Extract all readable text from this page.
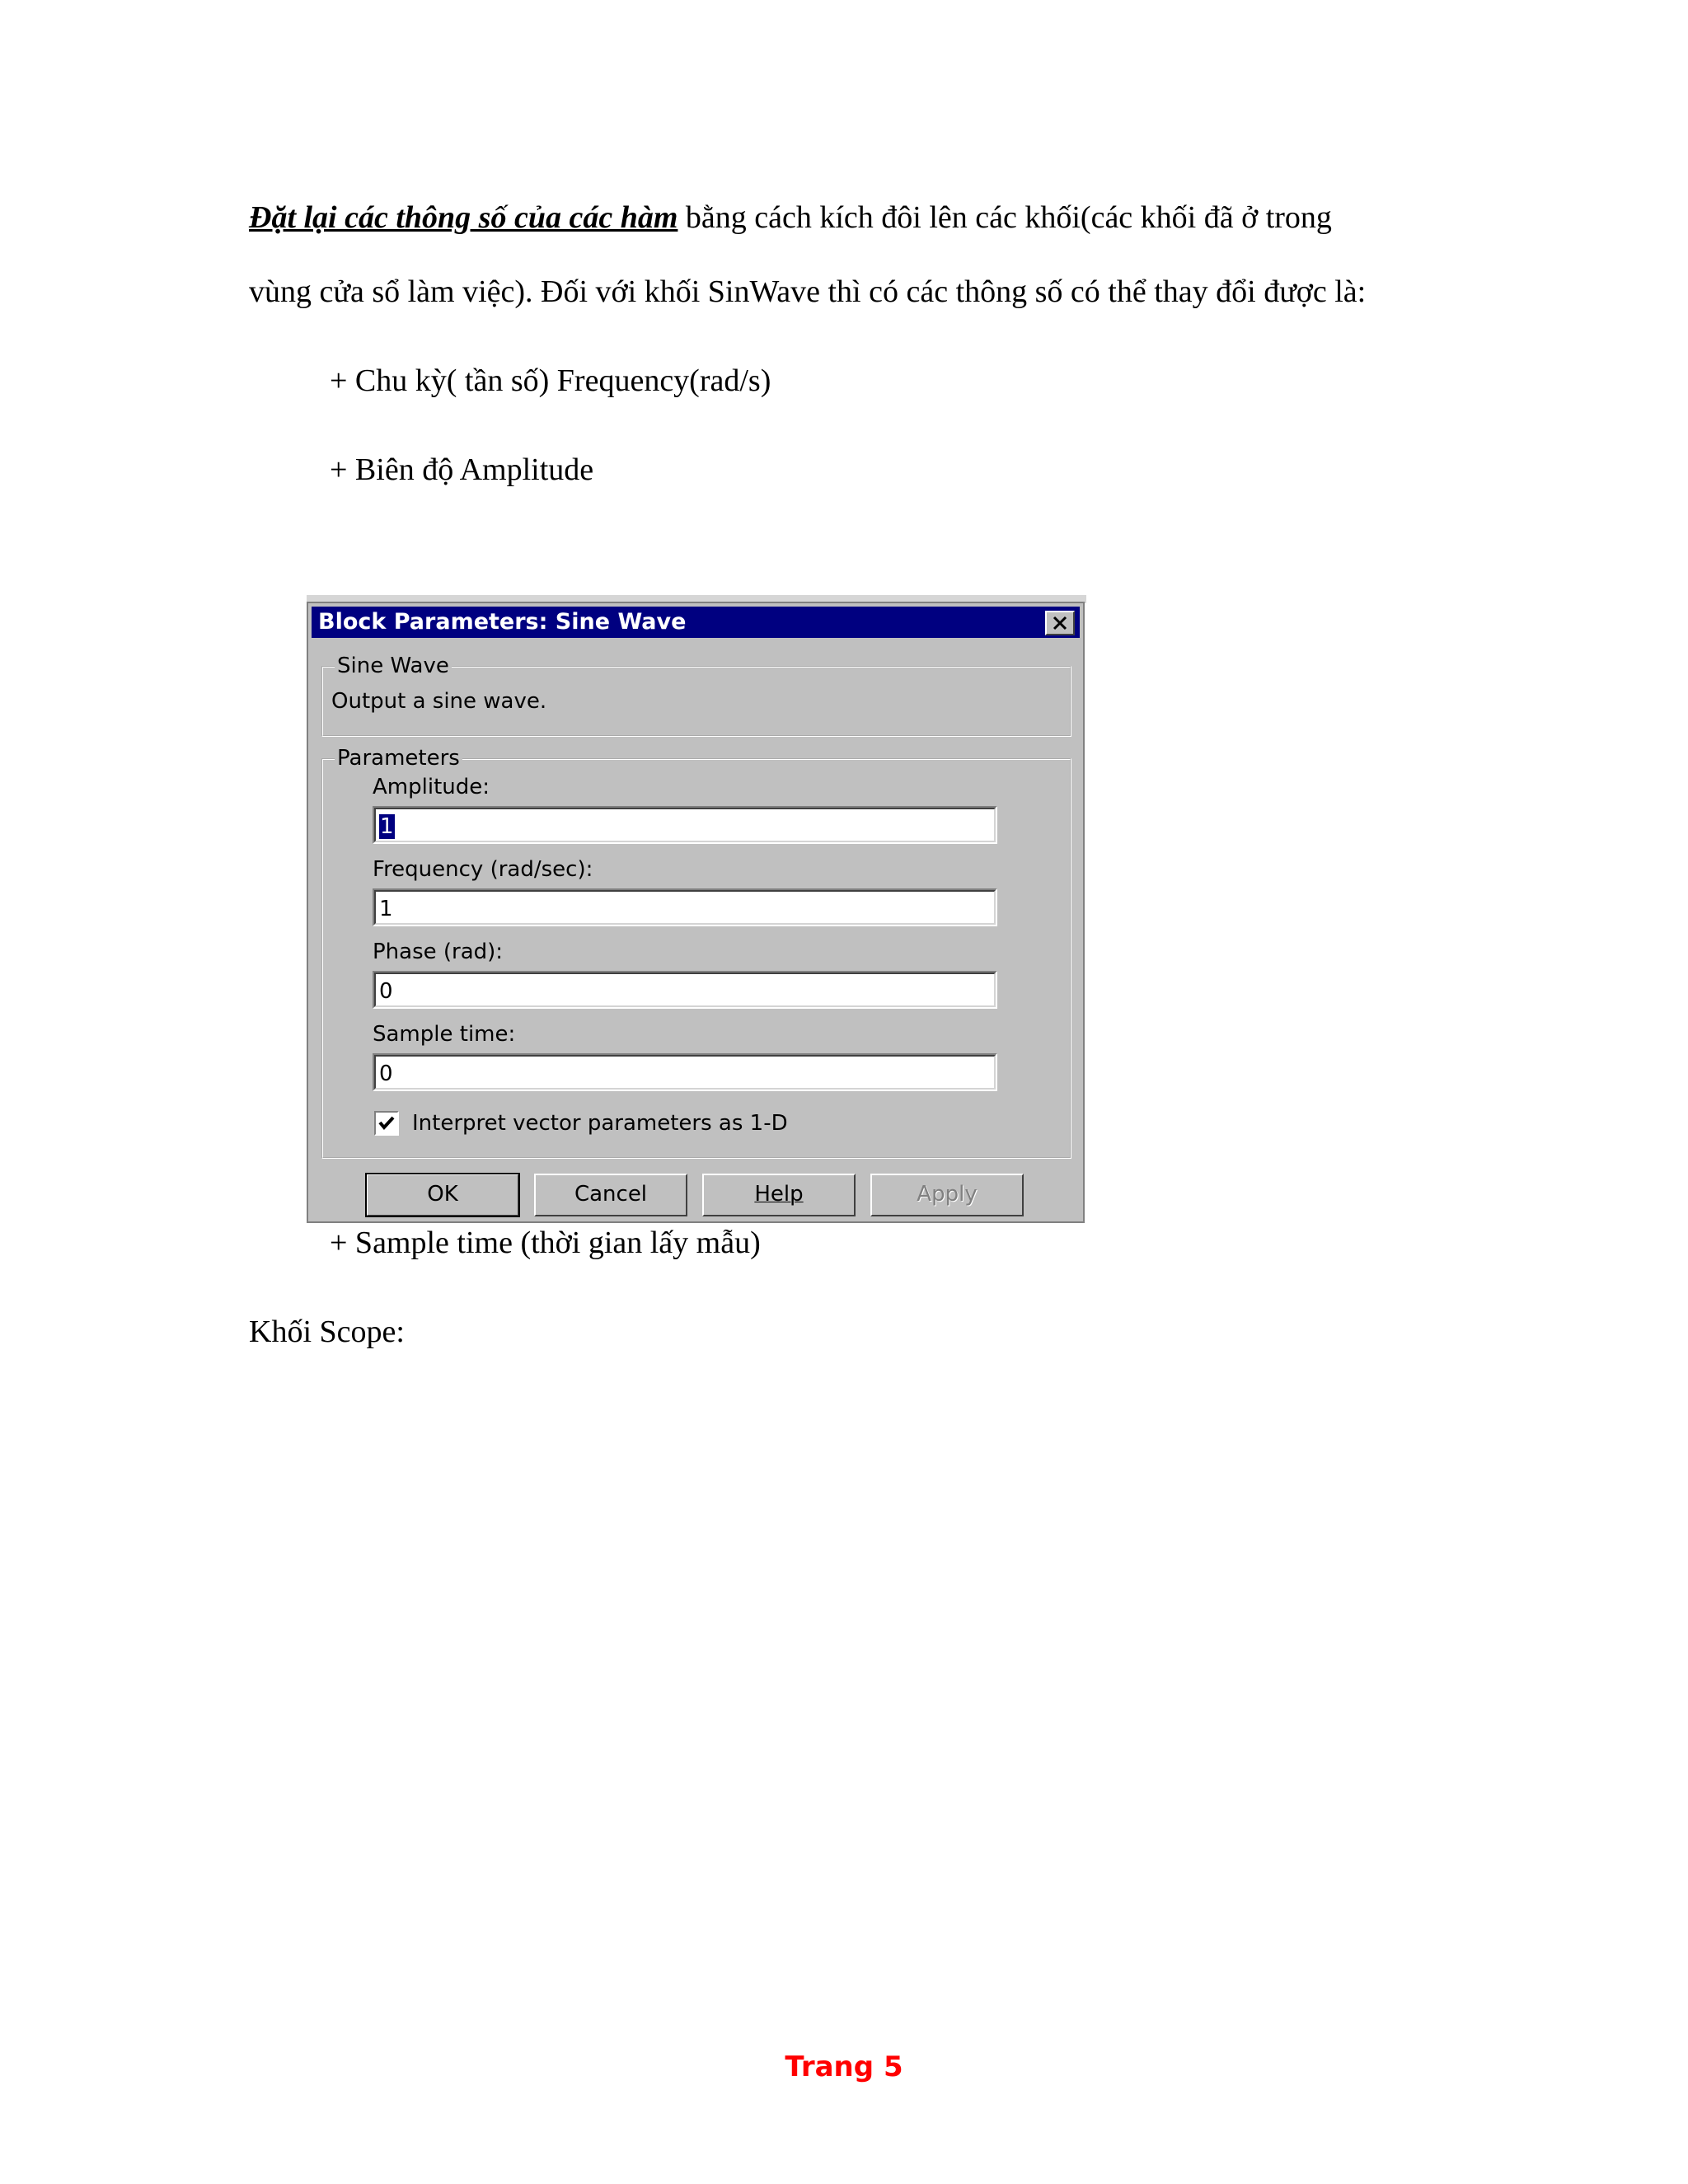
Đặt lại các thông số của các hàm bằng cách kích đôi lên các khối(các khối đã ở trong
vùng cửa sổ làm việc). Đối với khối SinWave thì có các thông số có thể thay đổi được là:
+ Chu kỳ( tần số) Frequency(rad/s)
+ Biên độ Amplitude
Block Parameters: Sine Wave
Sine Wave
Output a sine wave.
Parameters
Amplitude:
1
Frequency (rad/sec):
1
Phase (rad):
0
Sample time:
0
Interpret vector parameters as 1-D
OK	Cancel	Help	Apply
+ Sample time (thời gian lấy mẫu)
Khối Scope:
Trang 5
